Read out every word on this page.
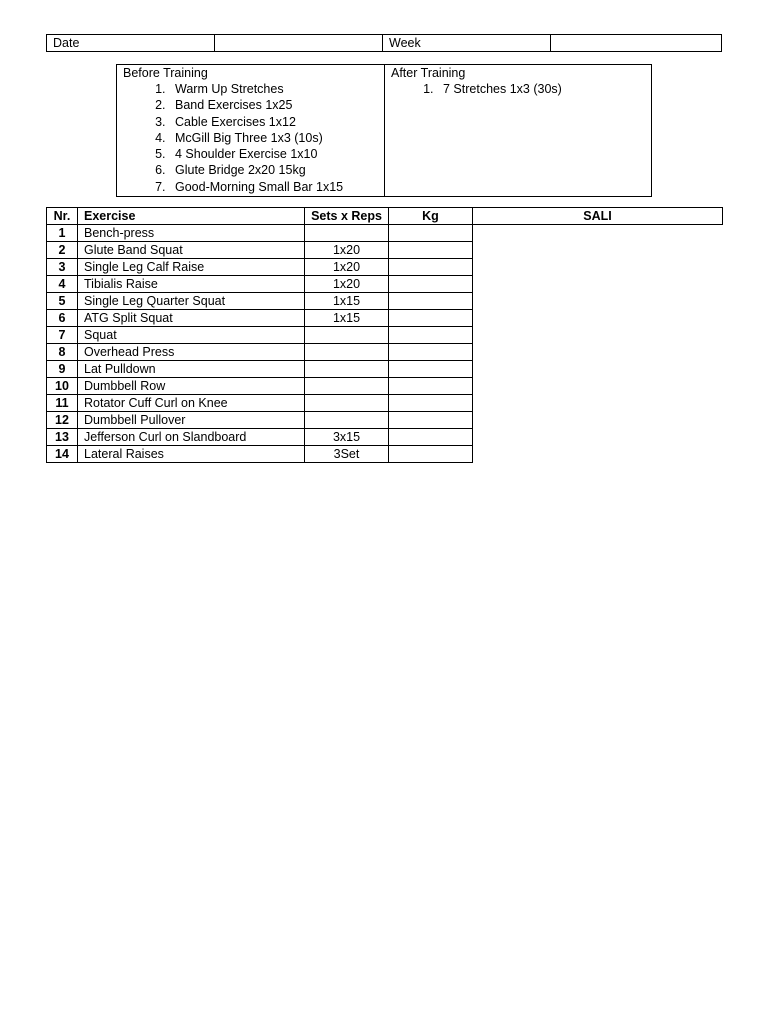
Date		Week	
Before Training
1. Warm Up Stretches
2. Band Exercises 1x25
3. Cable Exercises 1x12
4. McGill Big Three 1x3 (10s)
5. 4 Shoulder Exercise 1x10
6. Glute Bridge 2x20 15kg
7. Good-Morning Small Bar 1x15

After Training
1. 7 Stretches 1x3 (30s)
Nr.	Exercise	Sets x Reps	Kg	SALI
1	Bench-press			
2	Glute Band Squat	1x20		
3	Single Leg Calf Raise	1x20		
4	Tibialis Raise	1x20		
5	Single Leg Quarter Squat	1x15		
6	ATG Split Squat	1x15		
7	Squat			
8	Overhead Press			
9	Lat Pulldown			
10	Dumbbell Row			
11	Rotator Cuff Curl on Knee			
12	Dumbbell Pullover			
13	Jefferson Curl on Slandboard	3x15		
14	Lateral Raises	3Set		
